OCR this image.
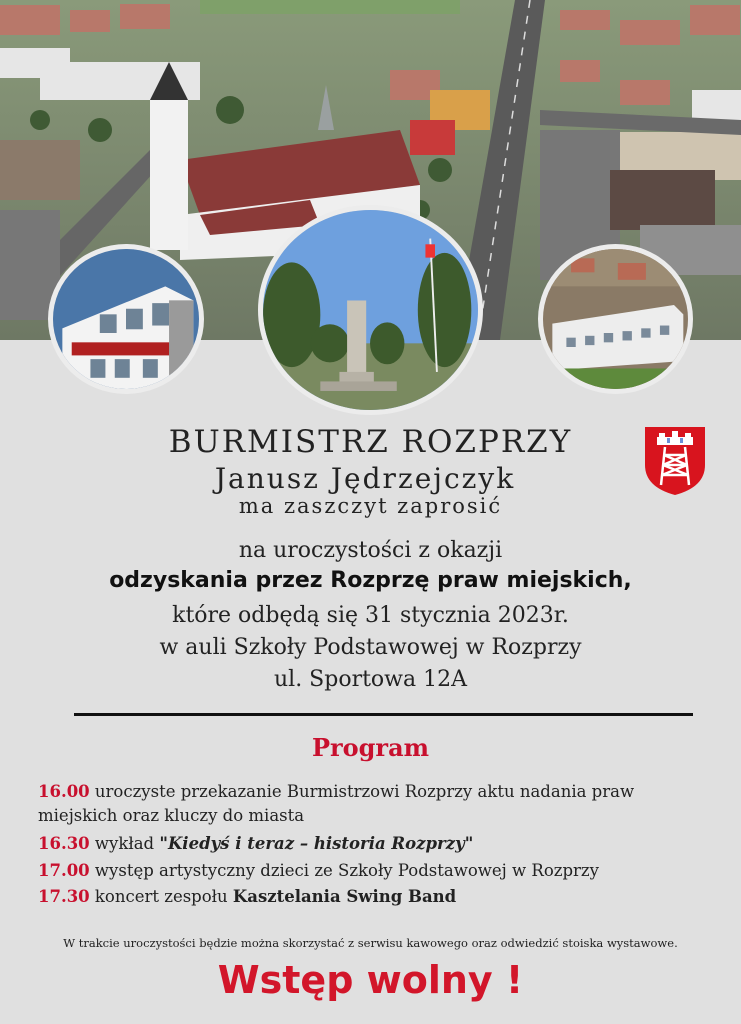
BURMISTRZ ROZPRZY
Janusz Jędrzejczyk
ma zaszczyt zaprosić
na uroczystości z okazji
odzyskania przez Rozprzę praw miejskich,
które odbędą się 31 stycznia 2023r.
w auli Szkoły Podstawowej w Rozprzy
ul. Sportowa 12A
Program
16.00 uroczyste przekazanie Burmistrzowi Rozprzy aktu nadania praw miejskich oraz kluczy do miasta
16.30 wykład "Kiedyś i teraz – historia Rozprzy"
17.00 występ artystyczny dzieci ze Szkoły Podstawowej w Rozprzy
17.30 koncert zespołu Kasztelania Swing Band
W trakcie uroczystości będzie można skorzystać z serwisu kawowego oraz odwiedzić stoiska wystawowe.
Wstęp wolny !
